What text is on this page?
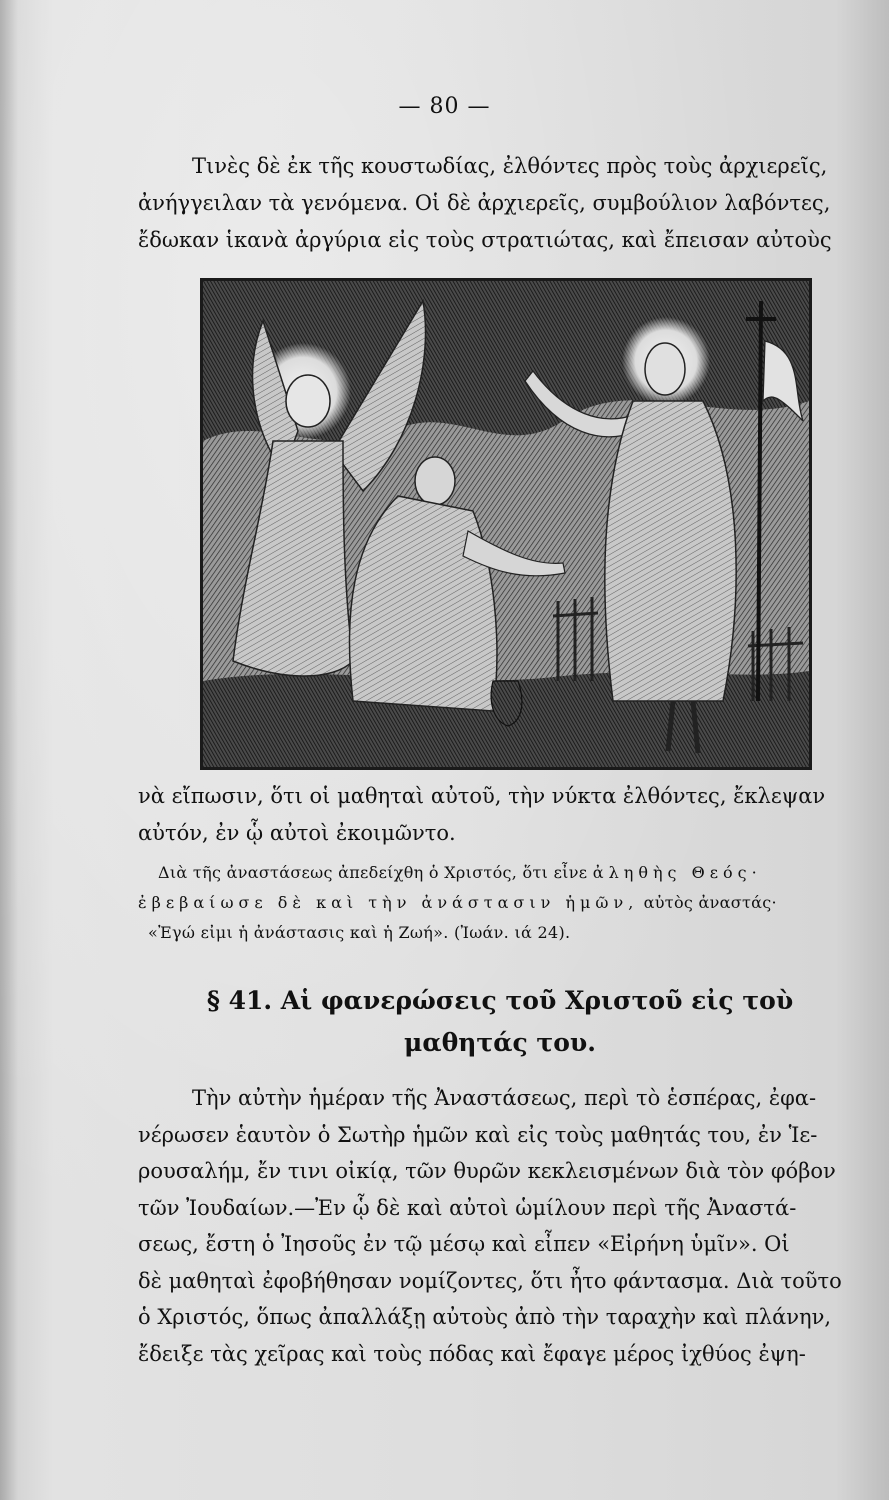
— 80 —
Τινὲς δὲ ἐκ τῆς κουστωδίας, ἐλθόντες πρὸς τοὺς ἀρχιερεῖς,
ἀνήγγειλαν τὰ γενόμενα. Οἱ δὲ ἀρχιερεῖς, συμβούλιον λαβόντες,
ἔδωκαν ἱκανὰ ἀργύρια εἰς τοὺς στρατιώτας, καὶ ἔπεισαν αὐτοὺς
νὰ εἴπωσιν, ὅτι οἱ μαθηταὶ αὐτοῦ, τὴν νύκτα ἐλθόντες, ἔκλεψαν
αὐτόν, ἐν ᾧ αὐτοὶ ἐκοιμῶντο.
Διὰ τῆς ἀναστάσεως ἀπεδείχθη ὁ Χριστός, ὅτι εἶνε ἀληθὴς Θεός·
ἐβεβαίωσε δὲ καὶ τὴν ἀνάστασιν ἡμῶν, αὐτὸς ἀναστάς·
«Ἐγώ εἰμι ἡ ἀνάστασις καὶ ἡ Ζωή». (Ἰωάν. ιά 24).
§ 41. Αἱ φανερώσεις τοῦ Χριστοῦ εἰς τοὺ
μαθητάς του.
Τὴν αὐτὴν ἡμέραν τῆς Ἀναστάσεως, περὶ τὸ ἑσπέρας, ἐφα-
νέρωσεν ἑαυτὸν ὁ Σωτὴρ ἡμῶν καὶ εἰς τοὺς μαθητάς του, ἐν Ἱε-
ρουσαλήμ, ἔν τινι οἰκίᾳ, τῶν θυρῶν κεκλεισμένων διὰ τὸν φόβον
τῶν Ἰουδαίων.—Ἐν ᾧ δὲ καὶ αὐτοὶ ὡμίλουν περὶ τῆς Ἀναστά-
σεως, ἔστη ὁ Ἰησοῦς ἐν τῷ μέσῳ καὶ εἶπεν «Εἰρήνη ὑμῖν». Οἱ
δὲ μαθηταὶ ἐφοβήθησαν νομίζοντες, ὅτι ἦτο φάντασμα. Διὰ τοῦτο
ὁ Χριστός, ὅπως ἀπαλλάξῃ αὐτοὺς ἀπὸ τὴν ταραχὴν καὶ πλάνην,
ἔδειξε τὰς χεῖρας καὶ τοὺς πόδας καὶ ἔφαγε μέρος ἰχθύος ἐψη-
